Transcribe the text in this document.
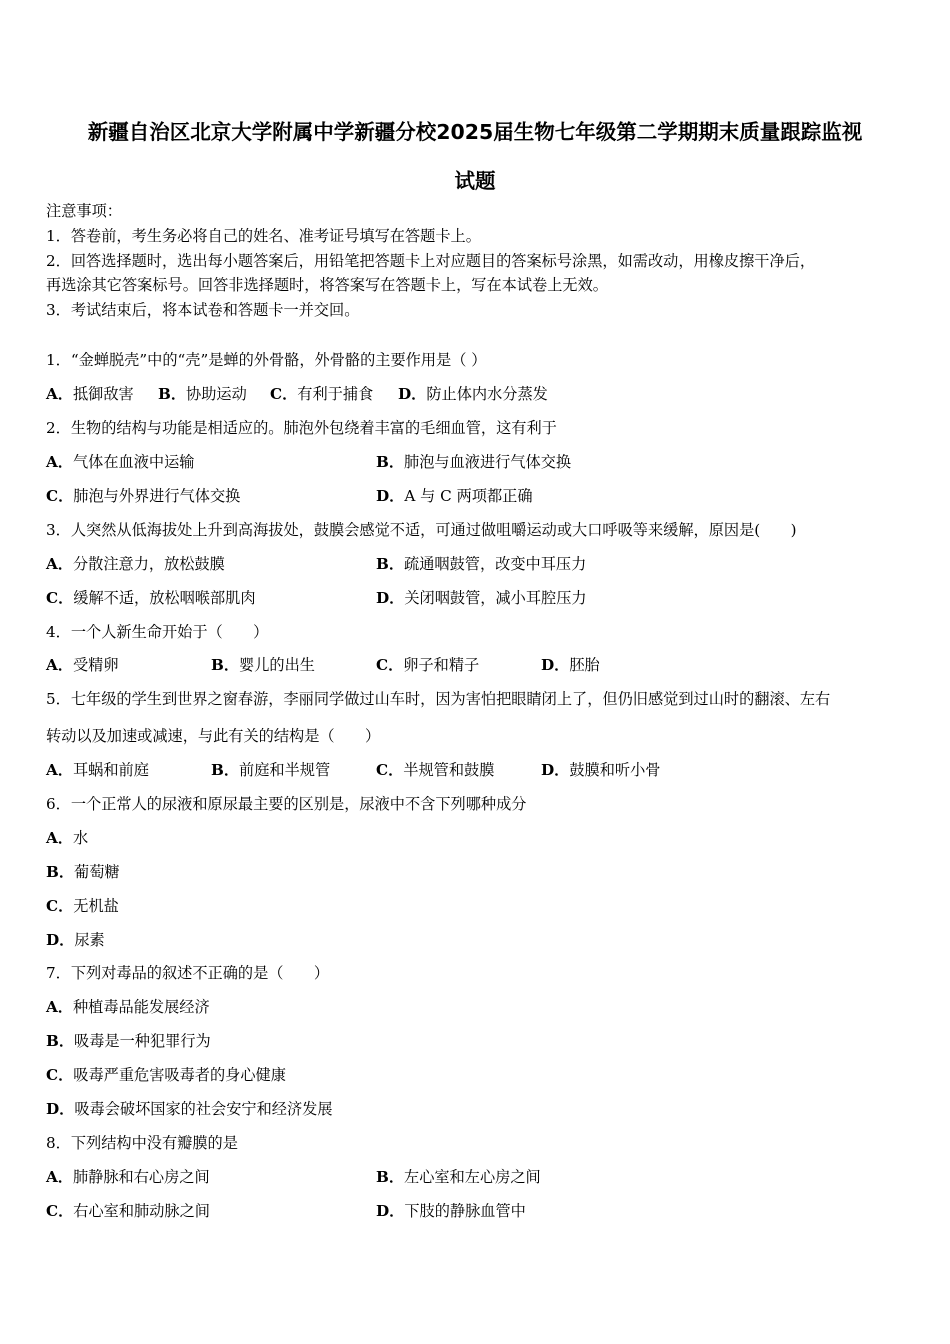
新疆自治区北京大学附属中学新疆分校2025届生物七年级第二学期期末质量跟踪监视
试题
注意事项：
1．答卷前，考生务必将自己的姓名、准考证号填写在答题卡上。
2．回答选择题时，选出每小题答案后，用铅笔把答题卡上对应题目的答案标号涂黑，如需改动，用橡皮擦干净后，
再选涂其它答案标号。回答非选择题时，将答案写在答题卡上，写在本试卷上无效。
3．考试结束后，将本试卷和答题卡一并交回。
1．“金蝉脱壳”中的“壳”是蝉的外骨骼，外骨骼的主要作用是（ ）
A．抵御敌害 B．协助运动 C．有利于捕食 D．防止体内水分蒸发
2．生物的结构与功能是相适应的。肺泡外包绕着丰富的毛细血管，这有利于
A．气体在血液中运输	B．肺泡与血液进行气体交换
C．肺泡与外界进行气体交换	D．A 与 C 两项都正确
3．人突然从低海拔处上升到高海拔处，鼓膜会感觉不适，可通过做咀嚼运动或大口呼吸等来缓解，原因是(　　)
A．分散注意力，放松鼓膜	B．疏通咽鼓管，改变中耳压力
C．缓解不适，放松咽喉部肌肉	D．关闭咽鼓管，减小耳腔压力
4．一个人新生命开始于（　　）
A．受精卵	B．婴儿的出生	C．卵子和精子	D．胚胎
5．七年级的学生到世界之窗春游，李丽同学做过山车时，因为害怕把眼睛闭上了，但仍旧感觉到过山时的翻滚、左右
转动以及加速或减速，与此有关的结构是（　　）
A．耳蜗和前庭	B．前庭和半规管	C．半规管和鼓膜	D．鼓膜和听小骨
6．一个正常人的尿液和原尿最主要的区别是，尿液中不含下列哪种成分
A．水
B．葡萄糖
C．无机盐
D．尿素
7．下列对毒品的叙述不正确的是（　　）
A．种植毒品能发展经济
B．吸毒是一种犯罪行为
C．吸毒严重危害吸毒者的身心健康
D．吸毒会破坏国家的社会安宁和经济发展
8．下列结构中没有瓣膜的是
A．肺静脉和右心房之间	B．左心室和左心房之间
C．右心室和肺动脉之间	D．下肢的静脉血管中
